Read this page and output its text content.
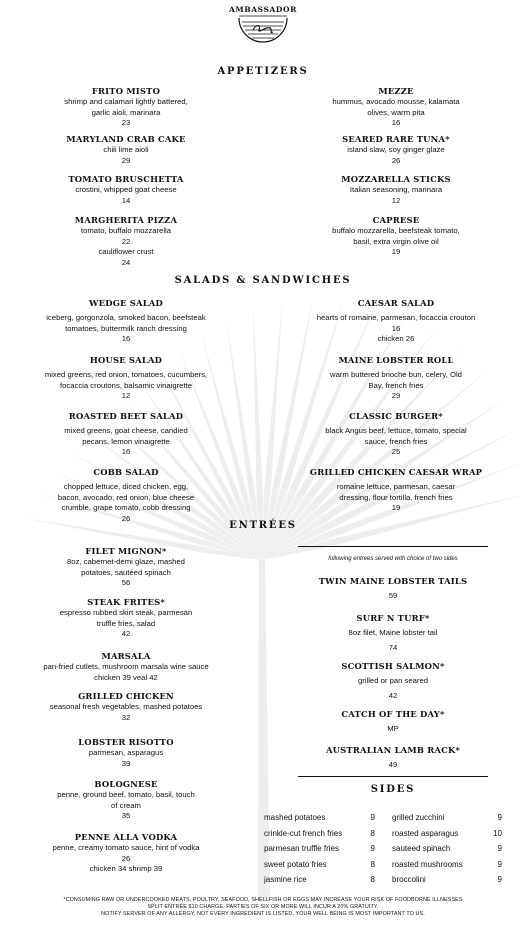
AMBASSADOR
APPETIZERS
SALADS & SANDWICHES
ENTRÉES
SIDES
following entrees served with choice of two sides
FRITO MISTO
shrimp and calamari lightly battered,
garlic aioli, marinara
23
MARYLAND CRAB CAKE
chili lime aioli
29
TOMATO BRUSCHETTA
crostini, whipped goat cheese
14
MARGHERITA PIZZA
tomato, buffalo mozzarella
22
cauliflower crust
24
MEZZE
hummus, avocado mousse, kalamata
olives, warm pita
16
SEARED RARE TUNA*
island slaw, soy ginger glaze
26
MOZZARELLA STICKS
Italian seasoning, marinara
12
CAPRESE
buffalo mozzarella, beefsteak tomato,
basil, extra virgin olive oil
19
WEDGE SALAD
iceberg, gorgonzola, smoked bacon, beefsteak
tomatoes, buttermilk ranch dressing
16
HOUSE SALAD
mixed greens, red onion, tomatoes, cucumbers,
focaccia croutons, balsamic vinaigrette
12
ROASTED BEET SALAD
mixed greens, goat cheese, candied
pecans, lemon vinaigrette
16
COBB SALAD
chopped lettuce, diced chicken, egg,
bacon, avocado, red onion, blue cheese
crumble, grape tomato, cobb dressing
26
CAESAR SALAD
hearts of romaine, parmesan, focaccia crouton
16
chicken 26
MAINE LOBSTER ROLL
warm buttered brioche bun, celery, Old
Bay, french fries
29
CLASSIC BURGER*
black Angus beef, lettuce, tomato, special
sauce, french fries
25
GRILLED CHICKEN CAESAR WRAP
romaine lettuce, parmesan, caesar
dressing, flour tortilla, french fries
19
FILET MIGNON*
8oz, cabernet-demi glaze, mashed
potatoes, sautéed spinach
56
STEAK FRITES*
espresso rubbed skirt steak, parmesan
truffle fries, salad
42
MARSALA
pan-fried cutlets, mushroom marsala wine sauce
chicken 39 veal 42
GRILLED CHICKEN
seasonal fresh vegetables, mashed potatoes
32
LOBSTER RISOTTO
parmesan, asparagus
39
BOLOGNESE
penne, ground beef, tomato, basil, touch
of cream
35
PENNE ALLA VODKA
penne, creamy tomato sauce, hint of vodka
26
chicken 34 shrimp 39
TWIN MAINE LOBSTER TAILS
59
SURF N TURF*
8oz filet, Maine lobster tail
74
SCOTTISH SALMON*
grilled or pan seared
42
CATCH OF THE DAY*
MP
AUSTRALIAN LAMB RACK*
49
mashed potatoes	9
crinkle-cut french fries	8
parmesan truffle fries	9
sweet potato fries	8
jasmine rice	8
grilled zucchini	9
roasted asparagus	10
sauteed spinach	9
roasted mushrooms	9
broccolini	9
*CONSUMING RAW OR UNDERCOOKED MEATS, POULTRY, SEAFOOD, SHELLFISH OR EGGS MAY INCREASE YOUR RISK OF FOODBORNE ILLNESSES
SPLIT ENTRÉE $10 CHARGE. PARTIES OF SIX OR MORE WILL INCUR A 20% GRATUITY.
NOTIFY SERVER OF ANY ALLERGY, NOT EVERY INGREDIENT IS LISTED, YOUR WELL BEING IS MOST IMPORTANT TO US.
